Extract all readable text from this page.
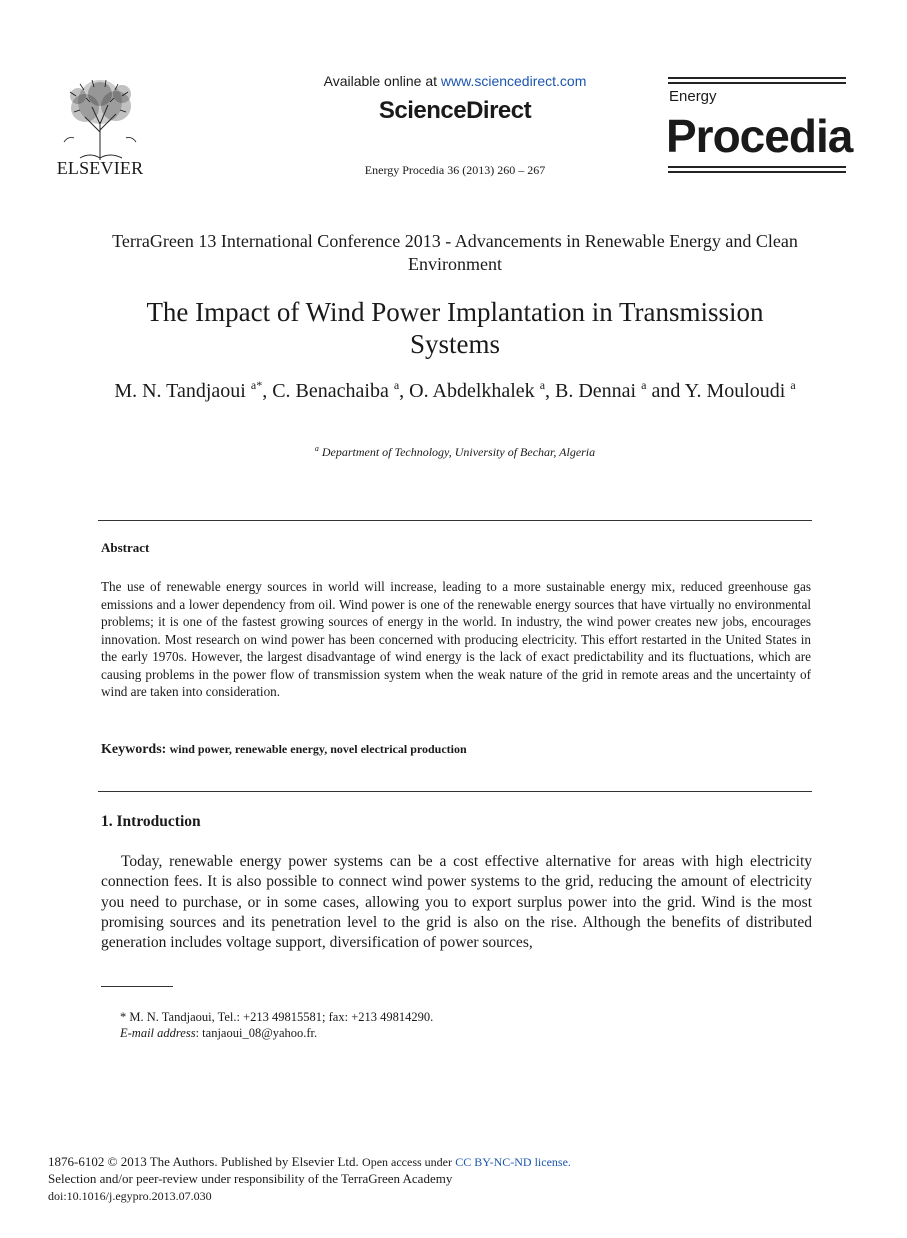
ELSEVIER
Available online at www.sciencedirect.com
ScienceDirect
Energy Procedia 36 (2013) 260 – 267
Energy
Procedia
TerraGreen 13 International Conference 2013 - Advancements in Renewable Energy and Clean Environment
The Impact of Wind Power Implantation in Transmission Systems
M. N. Tandjaoui $^{a*}$, C. Benachaiba $^a$, O. Abdelkhalek $^a$, B. Dennai $^a$ and Y. Mouloudi $^a$
$^a$ Department of Technology, University of Bechar, Algeria
Abstract
The use of renewable energy sources in world will increase, leading to a more sustainable energy mix, reduced greenhouse gas emissions and a lower dependency from oil. Wind power is one of the renewable energy sources that have virtually no environmental problems; it is one of the fastest growing sources of energy in the world. In industry, the wind power creates new jobs, encourages innovation. Most research on wind power has been concerned with producing electricity. This effort restarted in the United States in the early 1970s. However, the largest disadvantage of wind energy is the lack of exact predictability and its fluctuations, which are causing problems in the power flow of transmission system when the weak nature of the grid in remote areas and the uncertainty of wind are taken into consideration.
Keywords: wind power, renewable energy, novel electrical production
1. Introduction
Today, renewable energy power systems can be a cost effective alternative for areas with high electricity connection fees. It is also possible to connect wind power systems to the grid, reducing the amount of electricity you need to purchase, or in some cases, allowing you to export surplus power into the grid. Wind is the most promising sources and its penetration level to the grid is also on the rise. Although the benefits of distributed generation includes voltage support, diversification of power sources,
* M. N. Tandjaoui, Tel.: +213 49815581; fax: +213 49814290.
E-mail address: tanjaoui_08@yahoo.fr.
1876-6102 © 2013 The Authors. Published by Elsevier Ltd. Open access under CC BY-NC-ND license.
Selection and/or peer-review under responsibility of the TerraGreen Academy
doi:10.1016/j.egypro.2013.07.030
